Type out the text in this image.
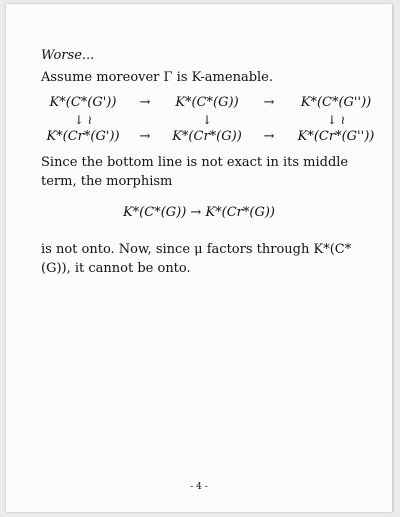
Worse...
Assume moreover Γ is K-amenable.
K*(C*(G'))	→	K*(C*(G))	→	K*(C*(G''))
↓ ≀		↓		↓ ≀
K*(Cr*(G'))	→	K*(Cr*(G))	→	K*(Cr*(G''))
Since the bottom line is not exact in its middle term, the morphism
K*(C*(G)) → K*(Cr*(G))
is not onto. Now, since μ factors through K*(C*(G)), it cannot be onto.
- 4 -
